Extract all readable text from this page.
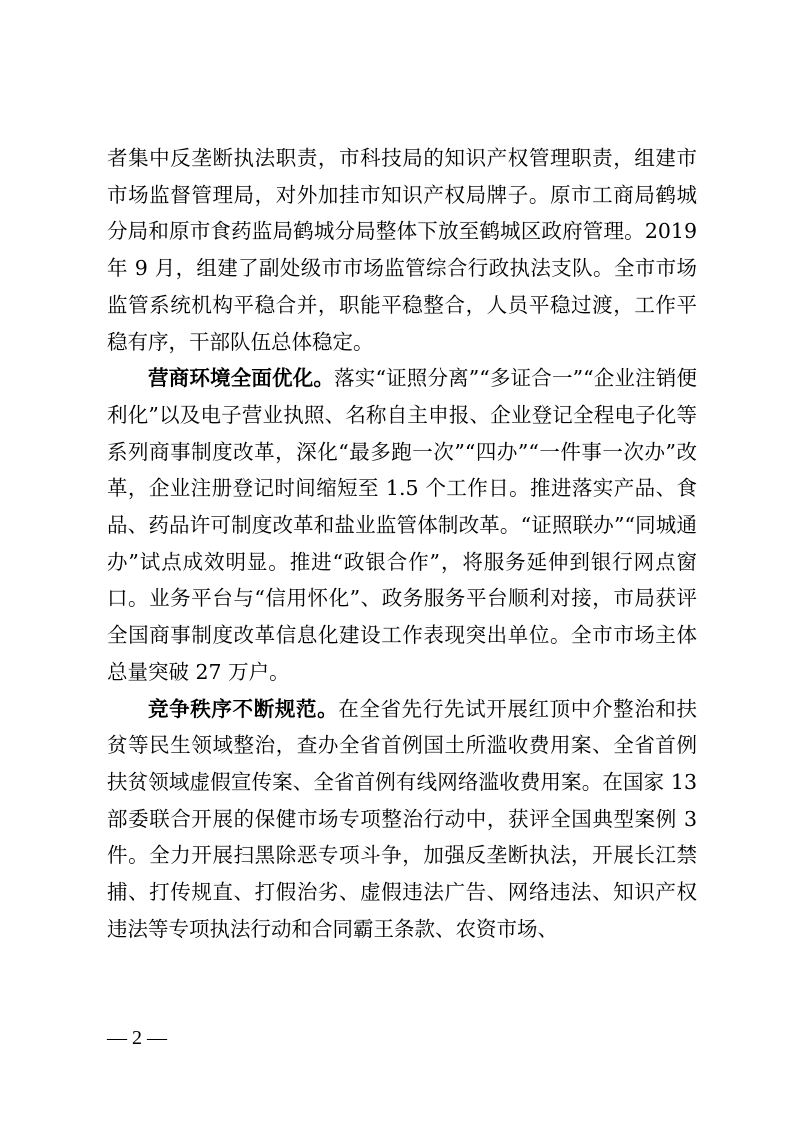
者集中反垄断执法职责，市科技局的知识产权管理职责，组建市市场监督管理局，对外加挂市知识产权局牌子。原市工商局鹤城分局和原市食药监局鹤城分局整体下放至鹤城区政府管理。2019 年 9 月，组建了副处级市市场监管综合行政执法支队。全市市场监管系统机构平稳合并，职能平稳整合，人员平稳过渡，工作平稳有序，干部队伍总体稳定。

营商环境全面优化。落实“证照分离”“多证合一”“企业注销便利化”以及电子营业执照、名称自主申报、企业登记全程电子化等系列商事制度改革，深化“最多跑一次”“四办”“一件事一次办”改革，企业注册登记时间缩短至 1.5 个工作日。推进落实产品、食品、药品许可制度改革和盐业监管体制改革。“证照联办”“同城通办”试点成效明显。推进“政银合作”，将服务延伸到银行网点窗口。业务平台与“信用怀化”、政务服务平台顺利对接，市局获评全国商事制度改革信息化建设工作表现突出单位。全市市场主体总量突破 27 万户。

竞争秩序不断规范。在全省先行先试开展红顶中介整治和扶贫等民生领域整治，查办全省首例国土所滥收费用案、全省首例扶贫领域虚假宣传案、全省首例有线网络滥收费用案。在国家 13 部委联合开展的保健市场专项整治行动中，获评全国典型案例 3 件。全力开展扫黑除恶专项斗争，加强反垄断执法，开展长江禁捕、打传规直、打假治劣、虚假违法广告、网络违法、知识产权违法等专项执法行动和合同霸王条款、农资市场、

— 2 —
